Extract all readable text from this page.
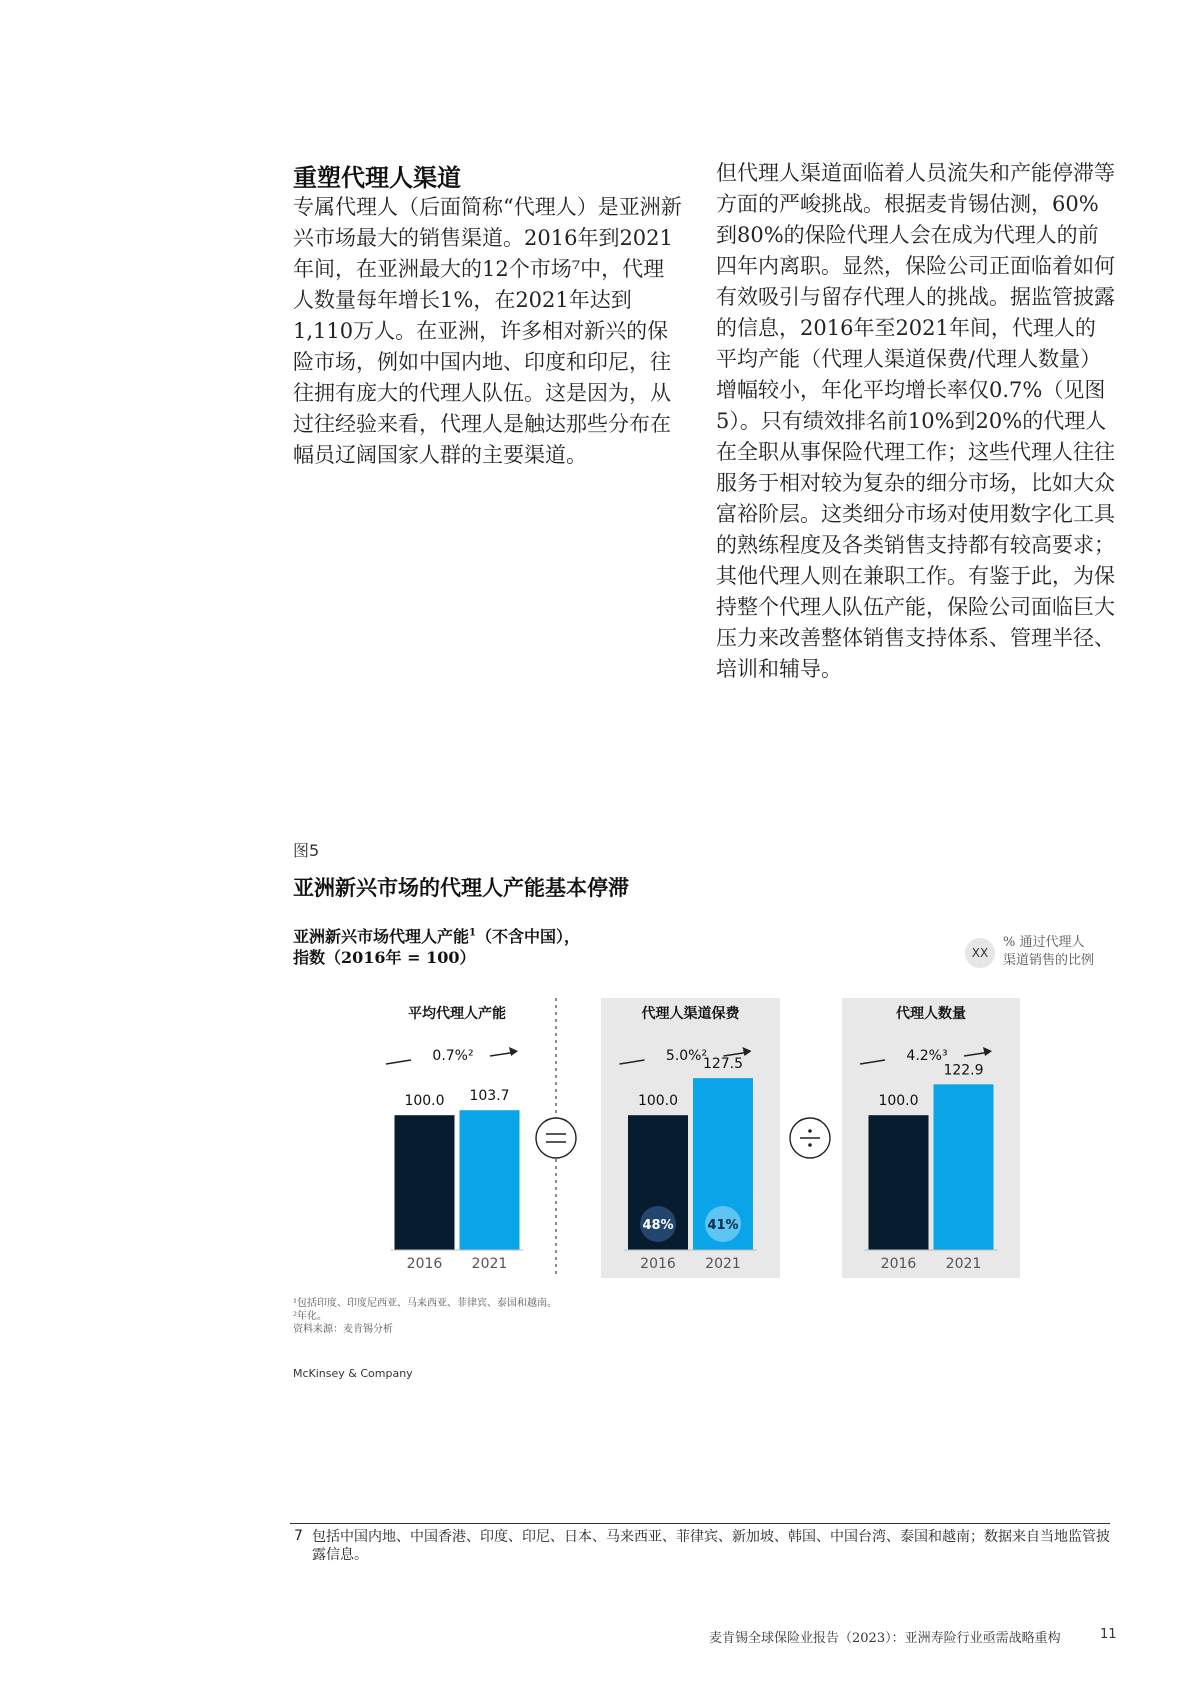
重塑代理人渠道
专属代理人（后面简称“代理人）是亚洲新兴市场最大的销售渠道。2016年到2021年间，在亚洲最大的12个市场⁷中，代理人数量每年增长1%，在2021年达到1,110万人。在亚洲，许多相对新兴的保险市场，例如中国内地、印度和印尼，往往拥有庞大的代理人队伍。这是因为，从过往经验来看，代理人是触达那些分布在幅员辽阔国家人群的主要渠道。
但代理人渠道面临着人员流失和产能停滞等方面的严峻挑战。根据麦肯锡估测，60%到80%的保险代理人会在成为代理人的前四年内离职。显然，保险公司正面临着如何有效吸引与留存代理人的挑战。据监管披露的信息，2016年至2021年间，代理人的平均产能（代理人渠道保费/代理人数量）增幅较小，年化平均增长率仅0.7%（见图5）。只有绩效排名前10%到20%的代理人在全职从事保险代理工作；这些代理人往往服务于相对较为复杂的细分市场，比如大众富裕阶层。这类细分市场对使用数字化工具的熟练程度及各类销售支持都有较高要求；其他代理人则在兼职工作。有鉴于此，为保持整个代理人队伍产能，保险公司面临巨大压力来改善整体销售支持体系、管理半径、培训和辅导。
图5
亚洲新兴市场的代理人产能基本停滞
亚洲新兴市场代理人产能$^1$（不含中国），
指数（2016年 = 100）	XX
% 通过代理人
渠道销售的比例
平均代理人产能
0.7%²
100.0
2016
103.7
2021
代理人渠道保费
5.0%²
100.0
2016
48%
127.5
2021
41%
代理人数量
4.2%³
100.0
2016
122.9
2021
¹包括印度、印度尼西亚、马来西亚、菲律宾、泰国和越南。
²年化。
资料来源：麦肯锡分析
McKinsey & Company
7 包括中国内地、中国香港、印度、印尼、日本、马来西亚、菲律宾、新加坡、韩国、中国台湾、泰国和越南；数据来自当地监管披露信息。
麦肯锡全球保险业报告（2023）：亚洲寿险行业亟需战略重构	11
